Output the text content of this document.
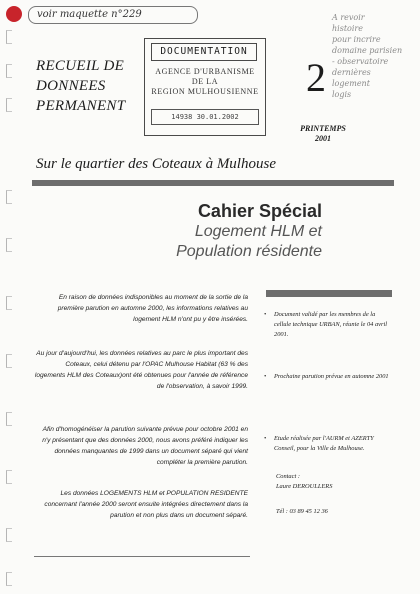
voir maquette n°229	A revoir
histoire
pour incrire
domaine parisien
- observatoire
dernières
logement
logis
RECUEIL DE
DONNEES
PERMANENT
DOCUMENTATION
AGENCE D'URBANISME
DE LA
REGION MULHOUSIENNE
14938 30.01.2002
2
PRINTEMPS
2001
Sur le quartier des Coteaux à Mulhouse
Cahier Spécial
Logement HLM et
Population résidente
En raison de données indisponibles au moment de la sortie de la première parution en automne 2000, les informations relatives au logement HLM n'ont pu y être insérées.
Au jour d'aujourd'hui, les données relatives au parc le plus important des Coteaux, celui détenu par l'OPAC Mulhouse Habitat (63 % des logements HLM des Coteaux)ont été obtenues pour l'année de référence de l'observation, à savoir 1999.
Afin d'homogénéiser la parution suivante prévue pour octobre 2001 en n'y présentant que des données 2000, nous avons préféré indiquer les données manquantes de 1999 dans un document séparé qui vient compléter la première parution.
Les données LOGEMENTS HLM et POPULATION RESIDENTE concernant l'année 2000 seront ensuite intégrées directement dans la parution et non plus dans un document séparé.
•	Document validé par les membres de la cellule technique URBAN, réunie le 04 avril 2001.
•	Prochaine parution prévue en automne 2001
•	Etude réalisée par l'AURM et AZERTY Conseil, pour la Ville de Mulhouse.
Contact :
Laure DEROULLERS
Tél : 03 89 45 12 36
